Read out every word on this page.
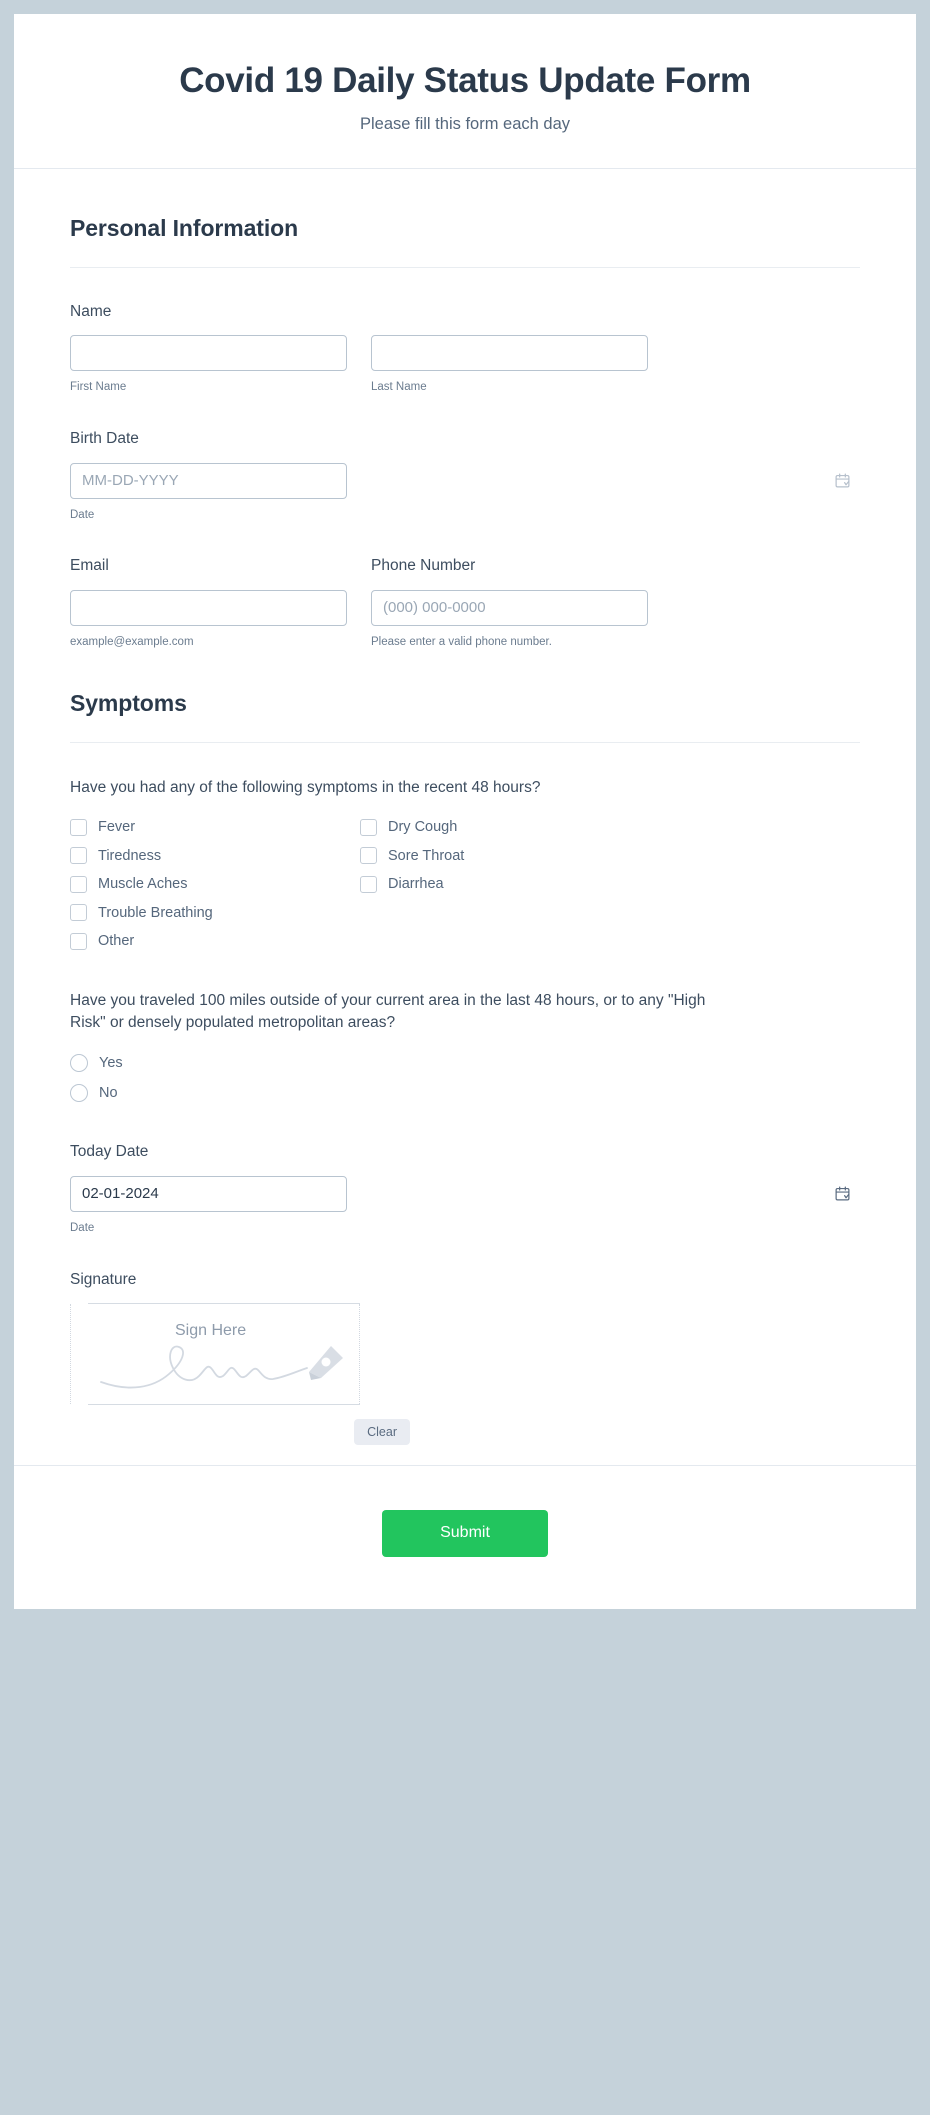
Covid 19 Daily Status Update Form
Please fill this form each day
Personal Information
Name
First Name	Last Name
Birth Date
MM-DD-YYYY
Date
Email
example@example.com
Phone Number
(000) 000-0000
Please enter a valid phone number.
Symptoms
Have you had any of the following symptoms in the recent 48 hours?
Fever
Tiredness
Muscle Aches
Trouble Breathing
Other
Dry Cough
Sore Throat
Diarrhea
Have you traveled 100 miles outside of your current area in the last 48 hours, or to any "High Risk" or densely populated metropolitan areas?
Yes
No
Today Date
02-01-2024
Date
Signature
Sign Here
Clear
Submit
